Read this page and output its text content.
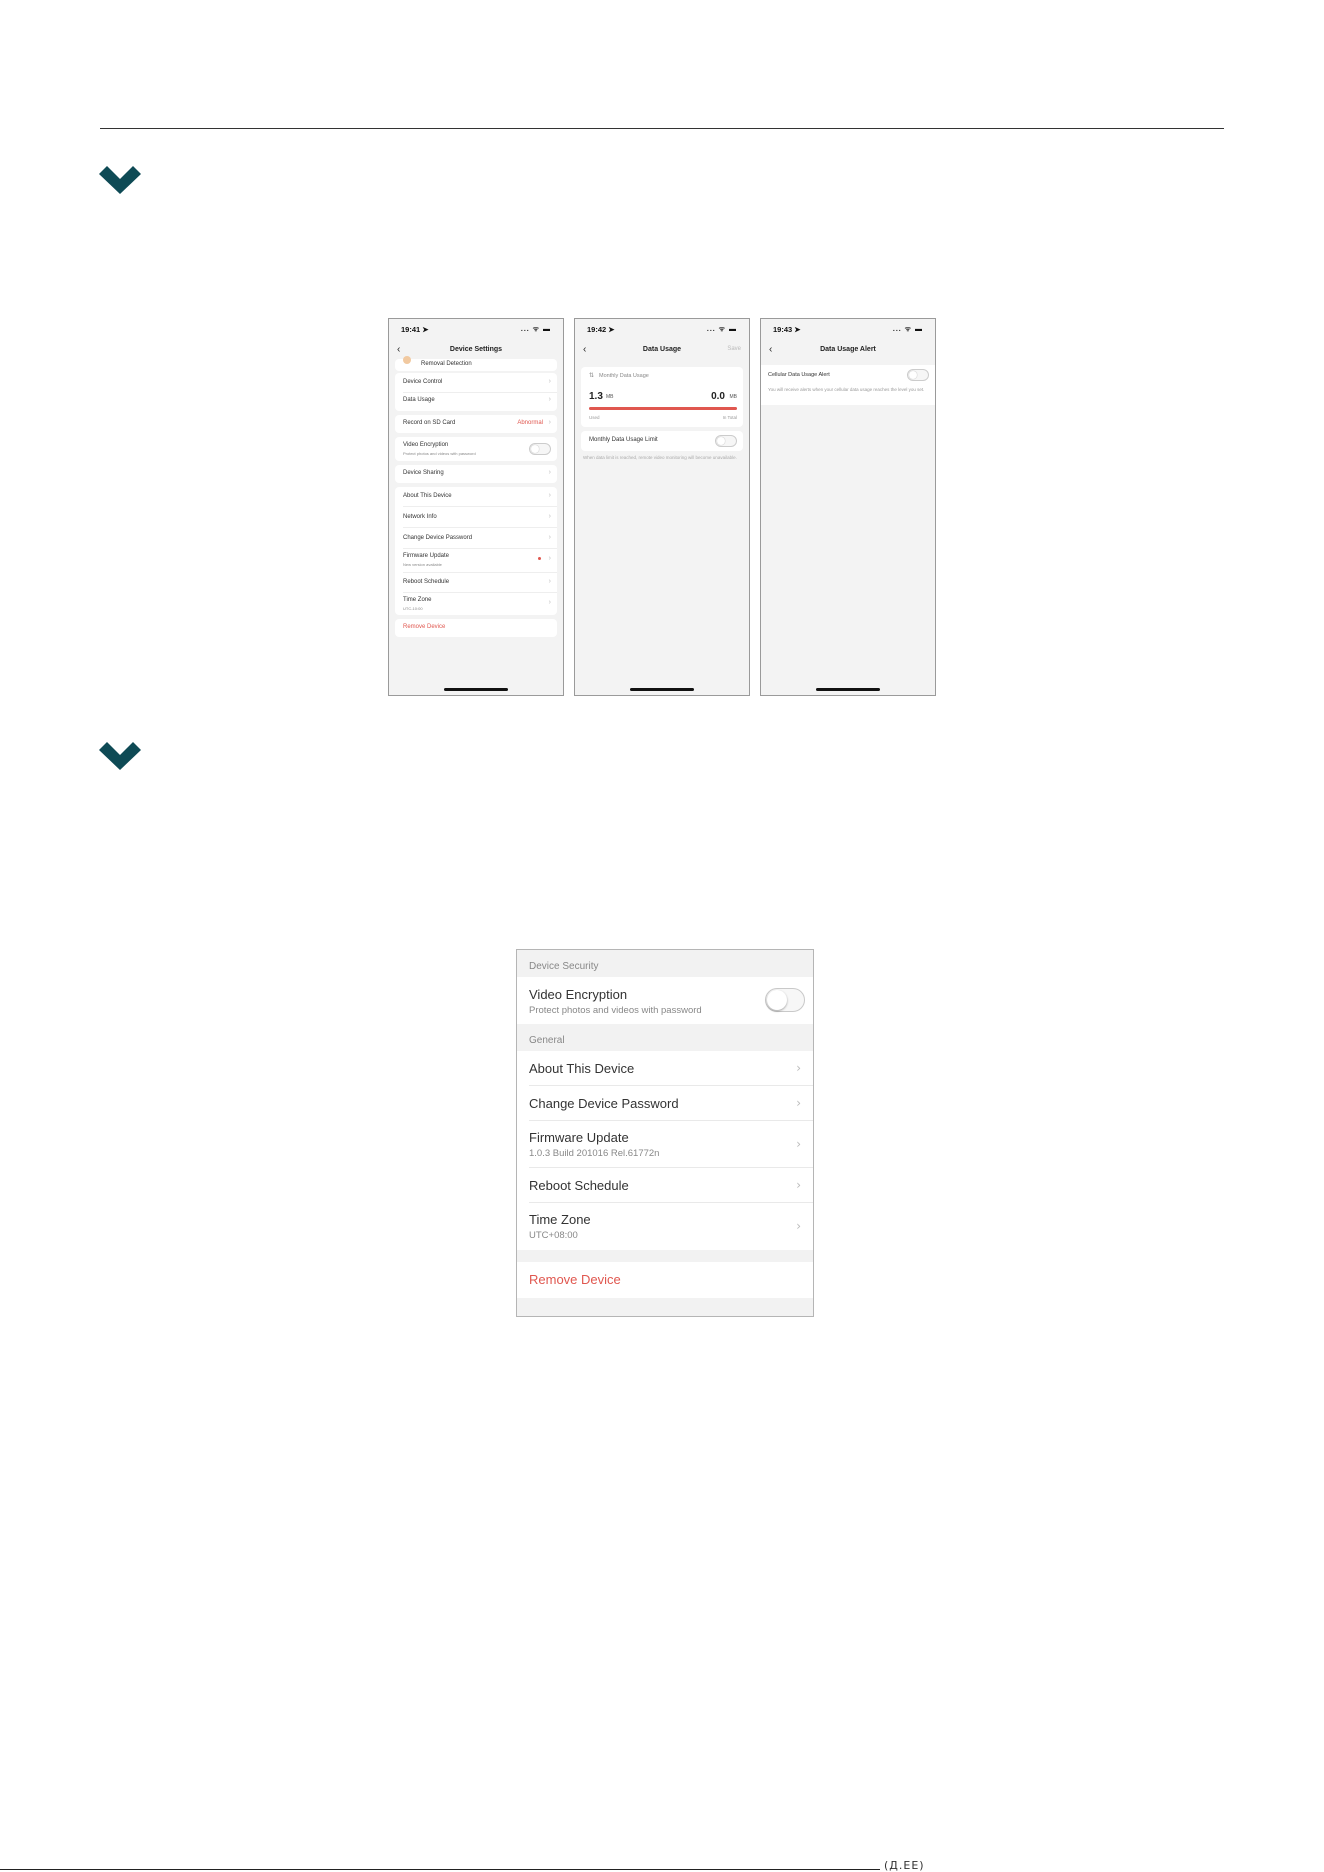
19:41 ➤	... ᯤ ▬
‹	Device Settings
Removal Detection
Device Control	›
Data Usage	›
Record on SD Card	Abnormal ›
Video Encryption
Protect photos and videos with password
Device Sharing	›
About This Device	›
Network Info	›
Change Device Password	›
Firmware Update
New version available
›
Reboot Schedule	›
Time Zone
UTC-10:00
›
Remove Device
19:42 ➤	... ᯤ ▬
‹	Data Usage	Save
⇅ Monthly Data Usage
1.3 MB	0.0 MB
Used	In Total
Monthly Data Usage Limit
When data limit is reached, remote video monitoring will become unavailable.
19:43 ➤	... ᯤ ▬
‹	Data Usage Alert
Cellular Data Usage Alert
You will receive alerts when your cellular data usage reaches the level you set.
Device Security
Video Encryption
Protect photos and videos with password
General
About This Device	›
Change Device Password	›
Firmware Update
1.0.3 Build 201016 Rel.61772n
›
Reboot Schedule	›
Time Zone
UTC+08:00
›
Remove Device
(Д.ЕЕ)
